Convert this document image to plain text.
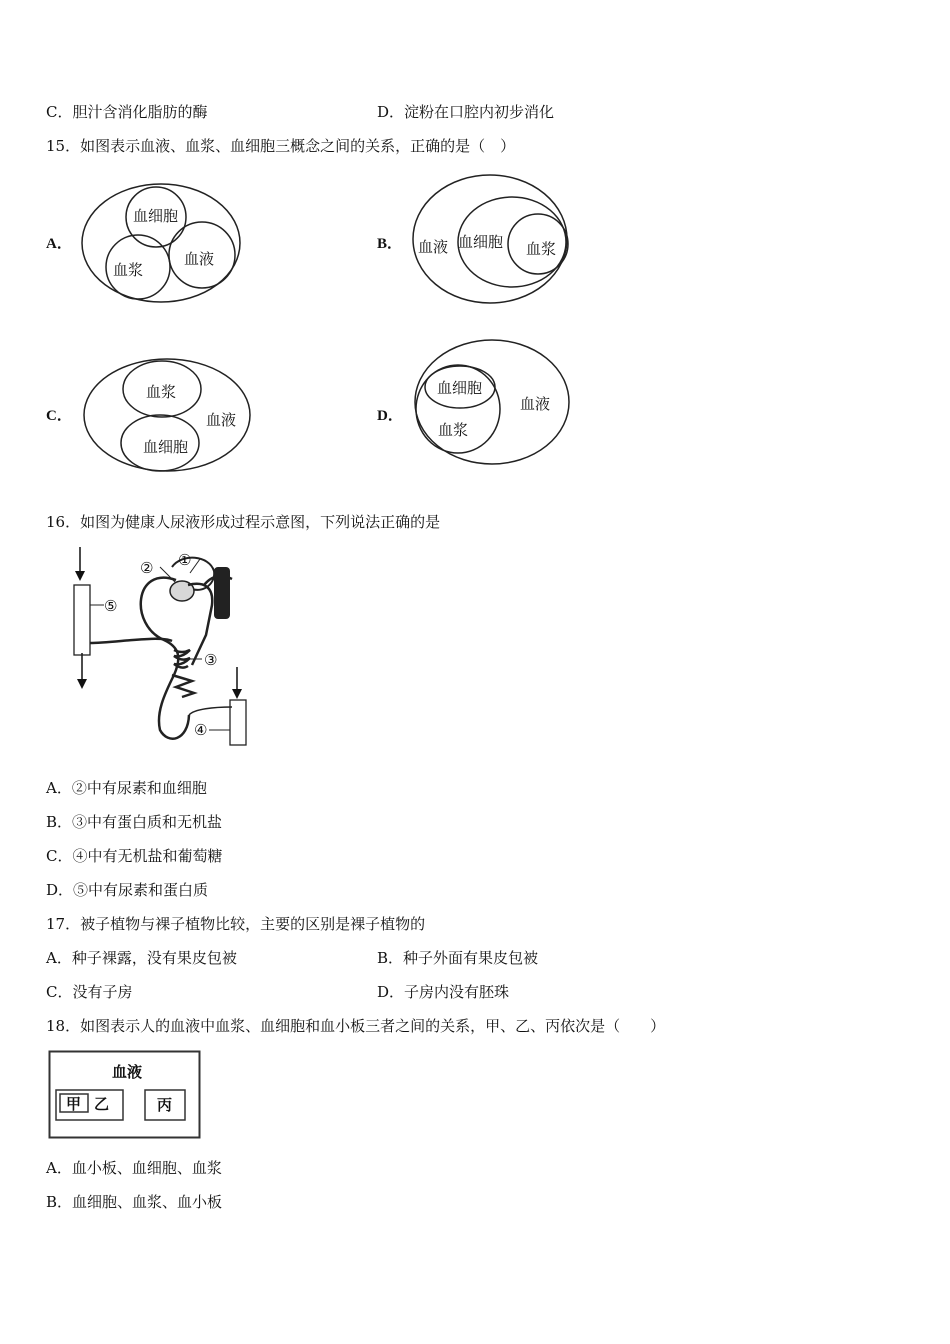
C．胆汁含消化脂肪的酶	D．淀粉在口腔内初步消化
15．如图表示血液、血浆、血细胞三概念之间的关系，正确的是（　）
A．
血细胞
血浆
血液
B． 血液 血细胞 血浆
C．
血浆
血液
血细胞
D．
血细胞
血液
血浆
16．如图为健康人尿液形成过程示意图，下列说法正确的是
② ①
⑤
③
④
A．②中有尿素和血细胞
B．③中有蛋白质和无机盐
C．④中有无机盐和葡萄糖
D．⑤中有尿素和蛋白质
17．被子植物与裸子植物比较，主要的区别是裸子植物的
A．种子裸露，没有果皮包被	B．种子外面有果皮包被
C．没有子房	D．子房内没有胚珠
18．如图表示人的血液中血浆、血细胞和血小板三者之间的关系，甲、乙、丙依次是（　　）
血液
甲 乙	丙
A．血小板、血细胞、血浆
B．血细胞、血浆、血小板
